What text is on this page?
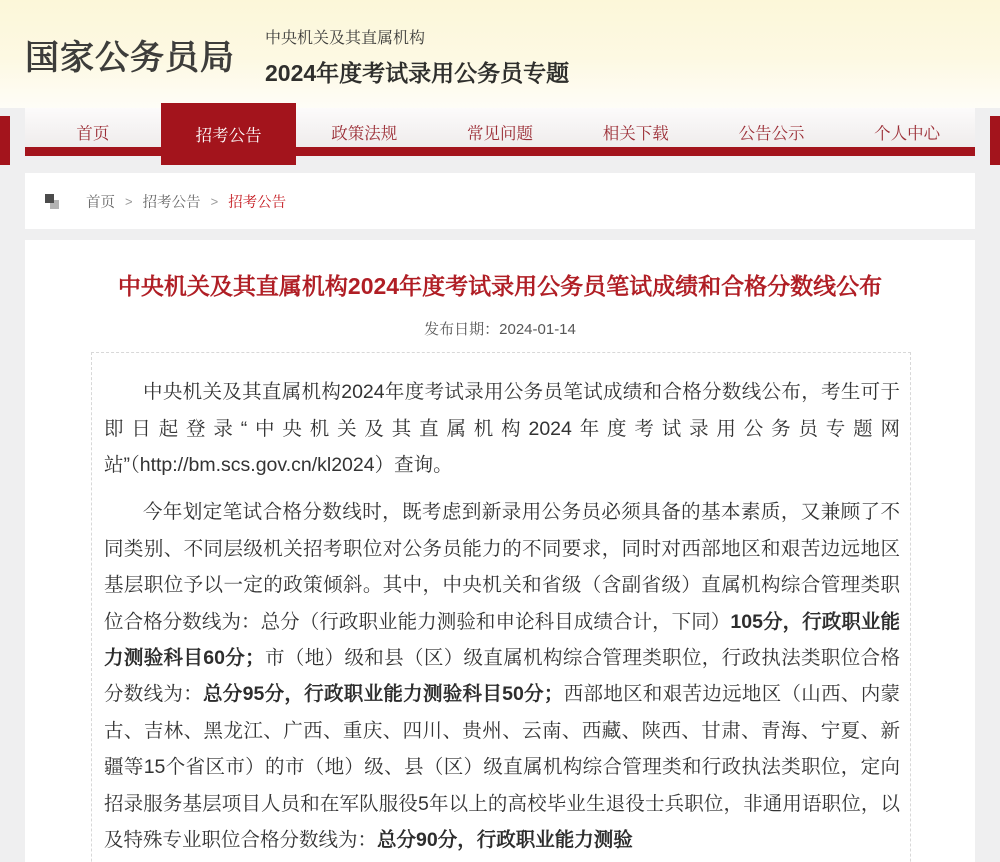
国家公务员局
中央机关及其直属机构
2024年度考试录用公务员专题
首页	招考公告	政策法规	常见问题	相关下载	公告公示	个人中心
首页 > 招考公告 > 招考公告
中央机关及其直属机构2024年度考试录用公务员笔试成绩和合格分数线公布
发布日期：2024-01-14

中央机关及其直属机构2024年度考试录用公务员笔试成绩和合格分数线公布，考生可于即日起登录“中央机关及其直属机构2024年度考试录用公务员专题网站”（http://bm.scs.gov.cn/kl2024）查询。

今年划定笔试合格分数线时，既考虑到新录用公务员必须具备的基本素质，又兼顾了不同类别、不同层级机关招考职位对公务员能力的不同要求，同时对西部地区和艰苦边远地区基层职位予以一定的政策倾斜。其中，中央机关和省级（含副省级）直属机构综合管理类职位合格分数线为：总分（行政职业能力测验和申论科目成绩合计，下同）105分，行政职业能力测验科目60分；市（地）级和县（区）级直属机构综合管理类职位，行政执法类职位合格分数线为：总分95分，行政职业能力测验科目50分；西部地区和艰苦边远地区（山西、内蒙古、吉林、黑龙江、广西、重庆、四川、贵州、云南、西藏、陕西、甘肃、青海、宁夏、新疆等15个省区市）的市（地）级、县（区）级直属机构综合管理类和行政执法类职位，定向招录服务基层项目人员和在军队服役5年以上的高校毕业生退役士兵职位，非通用语职位，以及特殊专业职位合格分数线为：总分90分，行政职业能力测验
